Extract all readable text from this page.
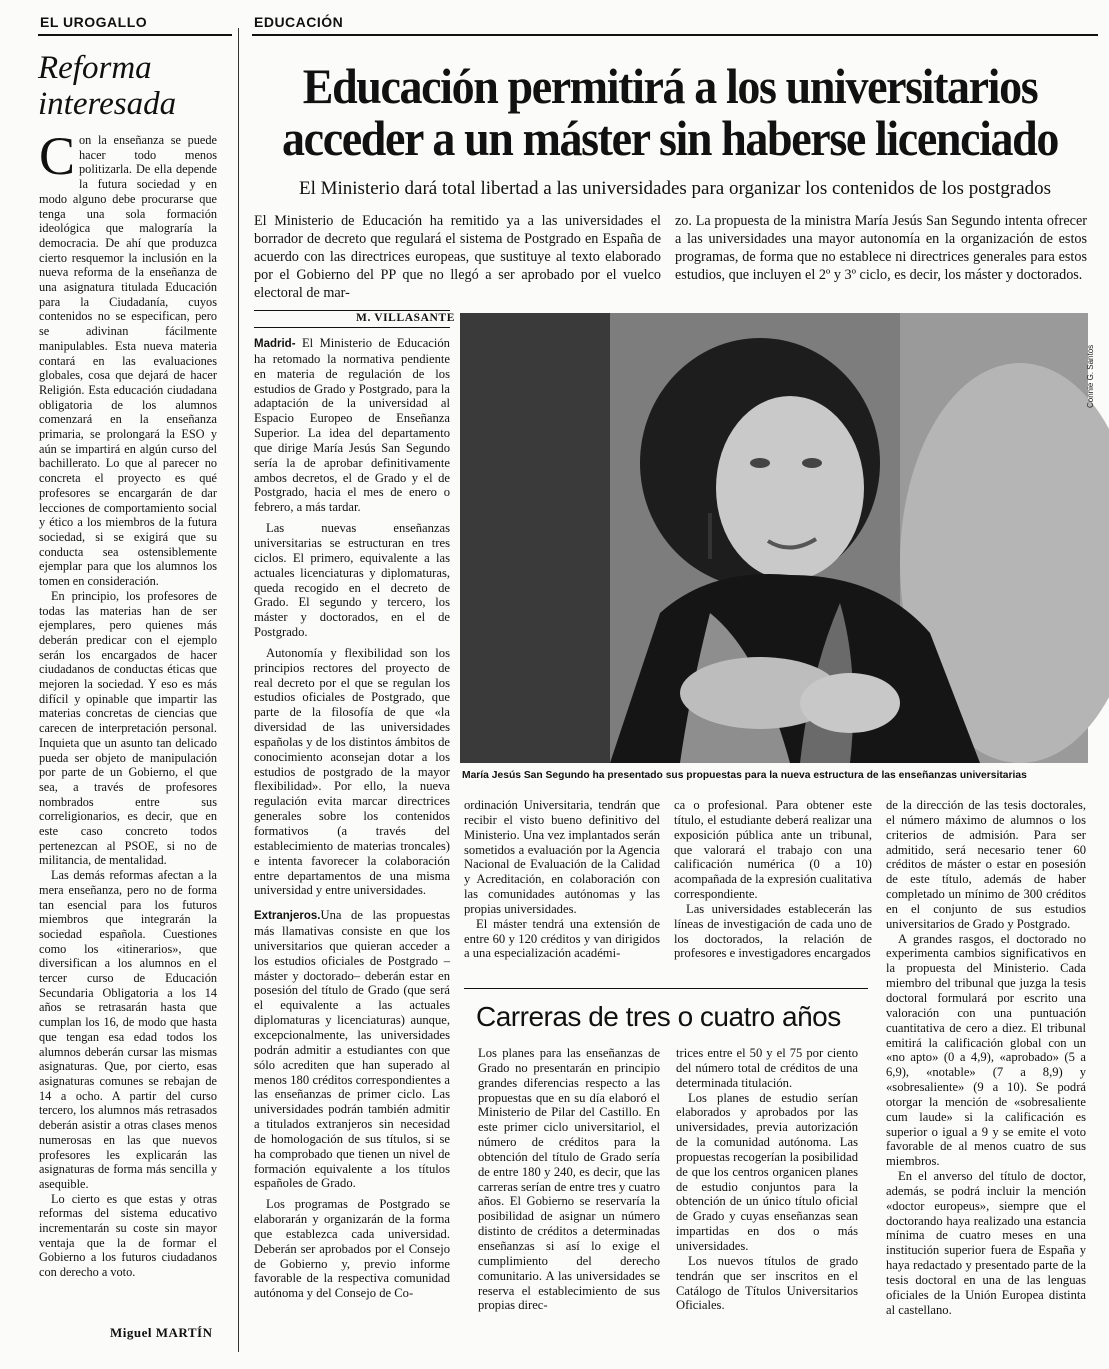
EL UROGALLO	EDUCACIÓN
Reforma interesada

Con la enseñanza se puede hacer todo menos politizarla. De ella depende la futura sociedad y en modo alguno debe procurarse que tenga una sola formación ideológica que malograría la democracia. De ahí que produzca cierto resquemor la inclusión en la nueva reforma de la enseñanza de una asignatura titulada Educación para la Ciudadanía, cuyos contenidos no se especifican, pero se adivinan fácilmente manipulables. Esta nueva materia contará en las evaluaciones globales, cosa que dejará de hacer Religión. Esta educación ciudadana obligatoria de los alumnos comenzará en la enseñanza primaria, se prolongará la ESO y aún se impartirá en algún curso del bachillerato. Lo que al parecer no concreta el proyecto es qué profesores se encargarán de dar lecciones de comportamiento social y ético a los miembros de la futura sociedad, si se exigirá que su conducta sea ostensiblemente ejemplar para que los alumnos los tomen en consideración.

En principio, los profesores de todas las materias han de ser ejemplares, pero quienes más deberán predicar con el ejemplo serán los encargados de hacer ciudadanos de conductas éticas que mejoren la sociedad. Y eso es más difícil y opinable que impartir las materias concretas de ciencias que carecen de interpretación personal. Inquieta que un asunto tan delicado pueda ser objeto de manipulación por parte de un Gobierno, el que sea, a través de profesores nombrados entre sus correligionarios, es decir, que en este caso concreto todos pertenezcan al PSOE, si no de militancia, de mentalidad.

Las demás reformas afectan a la mera enseñanza, pero no de forma tan esencial para los futuros miembros que integrarán la sociedad española. Cuestiones como los «itinerarios», que diversifican a los alumnos en el tercer curso de Educación Secundaria Obligatoria a los 14 años se retrasarán hasta que cumplan los 16, de modo que hasta que tengan esa edad todos los alumnos deberán cursar las mismas asignaturas. Que, por cierto, esas asignaturas comunes se rebajan de 14 a ocho. A partir del curso tercero, los alumnos más retrasados deberán asistir a otras clases menos numerosas en las que nuevos profesores les explicarán las asignaturas de forma más sencilla y asequible.

Lo cierto es que estas y otras reformas del sistema educativo incrementarán su coste sin mayor ventaja que la de formar el Gobierno a los futuros ciudadanos con derecho a voto.

Miguel MARTÍN
Educación permitirá a los universitarios
acceder a un máster sin haberse licenciado
El Ministerio dará total libertad a las universidades para organizar los contenidos de los postgrados

El Ministerio de Educación ha remitido ya a las universidades el borrador de decreto que regulará el sistema de Postgrado en España de acuerdo con las directrices europeas, que sustituye al texto elaborado por el Gobierno del PP que no llegó a ser aprobado por el vuelco electoral de mar-

zo. La propuesta de la ministra María Jesús San Segundo intenta ofrecer a las universidades una mayor autonomía en la organización de estos programas, de forma que no establece ni directrices generales para estos estudios, que incluyen el 2º y 3º ciclo, es decir, los máster y doctorados.

M. VILLASANTE
Connie G. Santos
María Jesús San Segundo ha presentado sus propuestas para la nueva estructura de las enseñanzas universitarias

Madrid- El Ministerio de Educación ha retomado la normativa pendiente en materia de regulación de los estudios de Grado y Postgrado, para la adaptación de la universidad al Espacio Europeo de Enseñanza Superior. La idea del departamento que dirige María Jesús San Segundo sería la de aprobar definitivamente ambos decretos, el de Grado y el de Postgrado, hacia el mes de enero o febrero, a más tardar.

Las nuevas enseñanzas universitarias se estructuran en tres ciclos. El primero, equivalente a las actuales licenciaturas y diplomaturas, queda recogido en el decreto de Grado. El segundo y tercero, los máster y doctorados, en el de Postgrado.

Autonomía y flexibilidad son los principios rectores del proyecto de real decreto por el que se regulan los estudios oficiales de Postgrado, que parte de la filosofía de que «la diversidad de las universidades españolas y de los distintos ámbitos de conocimiento aconsejan dotar a los estudios de postgrado de la mayor flexibilidad». Por ello, la nueva regulación evita marcar directrices generales sobre los contenidos formativos (a través del establecimiento de materias troncales) e intenta favorecer la colaboración entre departamentos de una misma universidad y entre universidades.

Extranjeros.Una de las propuestas más llamativas consiste en que los universitarios que quieran acceder a los estudios oficiales de Postgrado –máster y doctorado– deberán estar en posesión del título de Grado (que será el equivalente a las actuales diplomaturas y licenciaturas) aunque, excepcionalmente, las universidades podrán admitir a estudiantes con que sólo acrediten que han superado al menos 180 créditos correspondientes a las enseñanzas de primer ciclo. Las universidades podrán también admitir a titulados extranjeros sin necesidad de homologación de sus títulos, si se ha comprobado que tienen un nivel de formación equivalente a los títulos españoles de Grado.

Los programas de Postgrado se elaborarán y organizarán de la forma que establezca cada universidad. Deberán ser aprobados por el Consejo de Gobierno y, previo informe favorable de la respectiva comunidad autónoma y del Consejo de Co-

ordinación Universitaria, tendrán que recibir el visto bueno definitivo del Ministerio. Una vez implantados serán sometidos a evaluación por la Agencia Nacional de Evaluación de la Calidad y Acreditación, en colaboración con las comunidades autónomas y las propias universidades.

El máster tendrá una extensión de entre 60 y 120 créditos y van dirigidos a una especialización académi-

ca o profesional. Para obtener este título, el estudiante deberá realizar una exposición pública ante un tribunal, que valorará el trabajo con una calificación numérica (0 a 10) acompañada de la expresión cualitativa correspondiente.

Las universidades establecerán las líneas de investigación de cada uno de los doctorados, la relación de profesores e investigadores encargados

de la dirección de las tesis doctorales, el número máximo de alumnos o los criterios de admisión. Para ser admitido, será necesario tener 60 créditos de máster o estar en posesión de este título, además de haber completado un mínimo de 300 créditos en el conjunto de sus estudios universitarios de Grado y Postgrado.

A grandes rasgos, el doctorado no experimenta cambios significativos en la propuesta del Ministerio. Cada miembro del tribunal que juzga la tesis doctoral formulará por escrito una valoración con una puntuación cuantitativa de cero a diez. El tribunal emitirá la calificación global con un «no apto» (0 a 4,9), «aprobado» (5 a 6,9), «notable» (7 a 8,9) y «sobresaliente» (9 a 10). Se podrá otorgar la mención de «sobresaliente cum laude» si la calificación es superior o igual a 9 y se emite el voto favorable de al menos cuatro de sus miembros.

En el anverso del título de doctor, además, se podrá incluir la mención «doctor europeus», siempre que el doctorando haya realizado una estancia mínima de cuatro meses en una institución superior fuera de España y haya redactado y presentado parte de la tesis doctoral en una de las lenguas oficiales de la Unión Europea distinta al castellano.

Carreras de tres o cuatro años

Los planes para las enseñanzas de Grado no presentarán en principio grandes diferencias respecto a las propuestas que en su día elaboró el Ministerio de Pilar del Castillo. En este primer ciclo universitariol, el número de créditos para la obtención del título de Grado sería de entre 180 y 240, es decir, que las carreras serían de entre tres y cuatro años. El Gobierno se reservaría la posibilidad de asignar un número distinto de créditos a determinadas enseñanzas si así lo exige el cumplimiento del derecho comunitario. A las universidades se reserva el establecimiento de sus propias direc-

trices entre el 50 y el 75 por ciento del número total de créditos de una determinada titulación.

Los planes de estudio serían elaborados y aprobados por las universidades, previa autorización de la comunidad autónoma. Las propuestas recogerían la posibilidad de que los centros organicen planes de estudio conjuntos para la obtención de un único título oficial de Grado y cuyas enseñanzas sean impartidas en dos o más universidades.

Los nuevos títulos de grado tendrán que ser inscritos en el Catálogo de Títulos Universitarios Oficiales.
